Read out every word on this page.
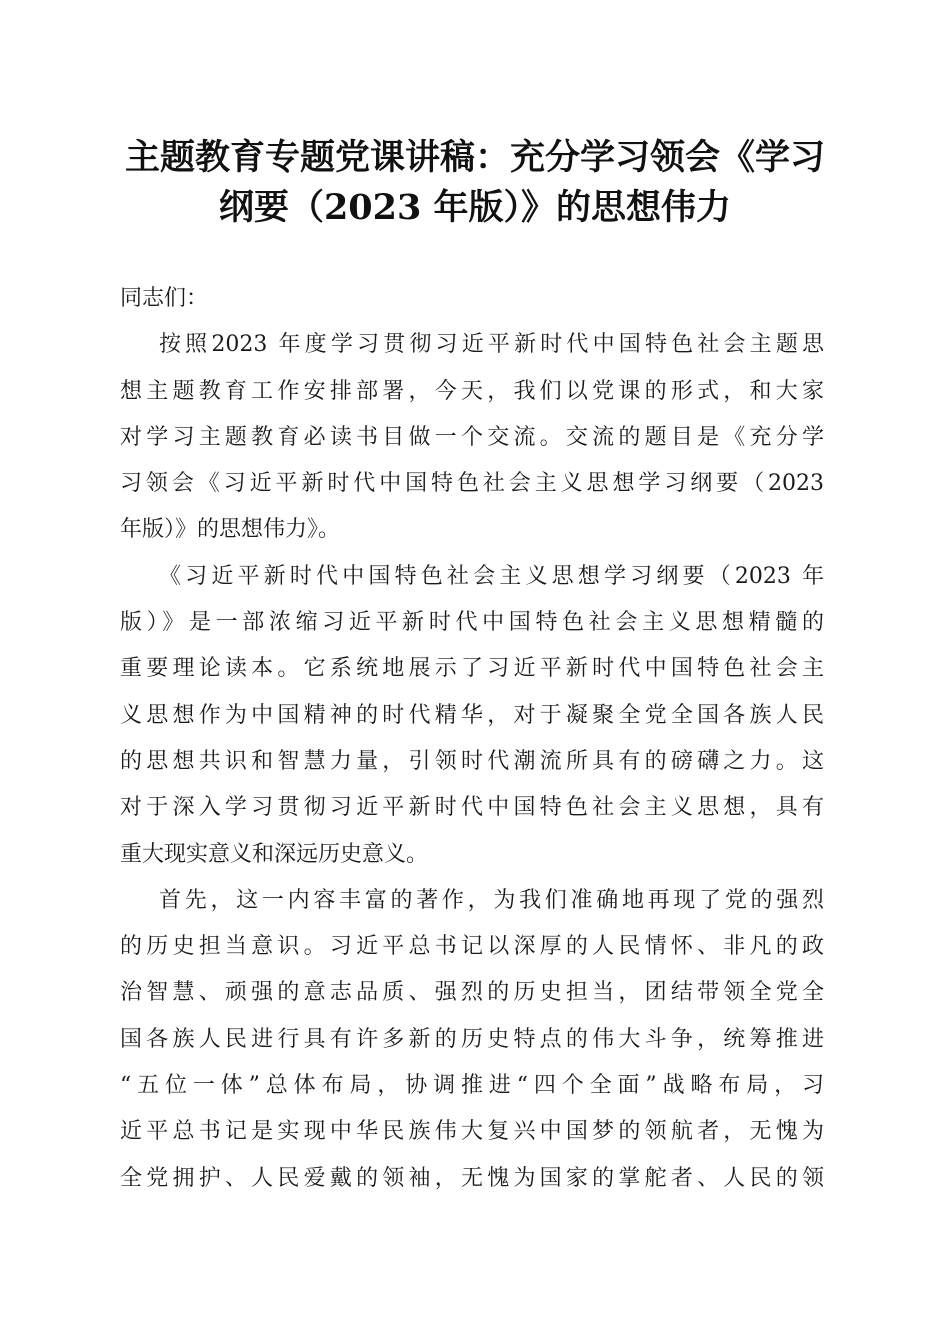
主题教育专题党课讲稿：充分学习领会《学习
纲要（2023 年版）》的思想伟力
同志们：
按照2023 年度学习贯彻习近平新时代中国特色社会主题思
想主题教育工作安排部署，今天，我们以党课的形式，和大家
对学习主题教育必读书目做一个交流。交流的题目是《充分学
习领会《习近平新时代中国特色社会主义思想学习纲要（2023
年版）》的思想伟力》。
《习近平新时代中国特色社会主义思想学习纲要（2023 年
版）》是一部浓缩习近平新时代中国特色社会主义思想精髓的
重要理论读本。它系统地展示了习近平新时代中国特色社会主
义思想作为中国精神的时代精华，对于凝聚全党全国各族人民
的思想共识和智慧力量，引领时代潮流所具有的磅礴之力。这
对于深入学习贯彻习近平新时代中国特色社会主义思想，具有
重大现实意义和深远历史意义。
首先，这一内容丰富的著作，为我们准确地再现了党的强烈
的历史担当意识。习近平总书记以深厚的人民情怀、非凡的政
治智慧、顽强的意志品质、强烈的历史担当，团结带领全党全
国各族人民进行具有许多新的历史特点的伟大斗争，统筹推进
“五位一体”总体布局，协调推进“四个全面”战略布局，习
近平总书记是实现中华民族伟大复兴中国梦的领航者，无愧为
全党拥护、人民爱戴的领袖，无愧为国家的掌舵者、人民的领
